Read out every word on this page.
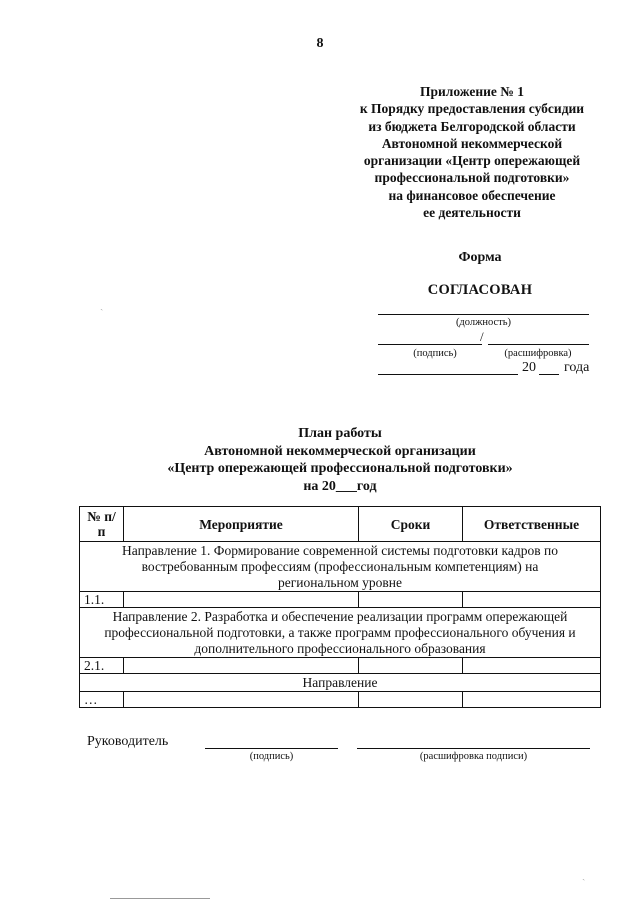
8
Приложение № 1
к Порядку предоставления субсидии
из бюджета Белгородской области
Автономной некоммерческой
организации «Центр опережающей
профессиональной подготовки»
на финансовое обеспечение
ее деятельности
Форма
СОГЛАСОВАН
(должность)
/
(подпись)	(расшифровка)
20 года
План работы
Автономной некоммерческой организации
«Центр опережающей профессиональной подготовки»
на 20___год
№ п/п	Мероприятие	Сроки	Ответственные
Направление 1. Формирование современной системы подготовки кадров по востребованным профессиям (профессиональным компетенциям) на региональном уровне			
1.1.			
Направление 2. Разработка и обеспечение реализации программ опережающей профессиональной подготовки, а также программ профессионального обучения и дополнительного профессионального образования			
2.1.			
Направление			
…			
Руководитель
(подпись)	(расшифровка подписи)
ˏ
ˏ
